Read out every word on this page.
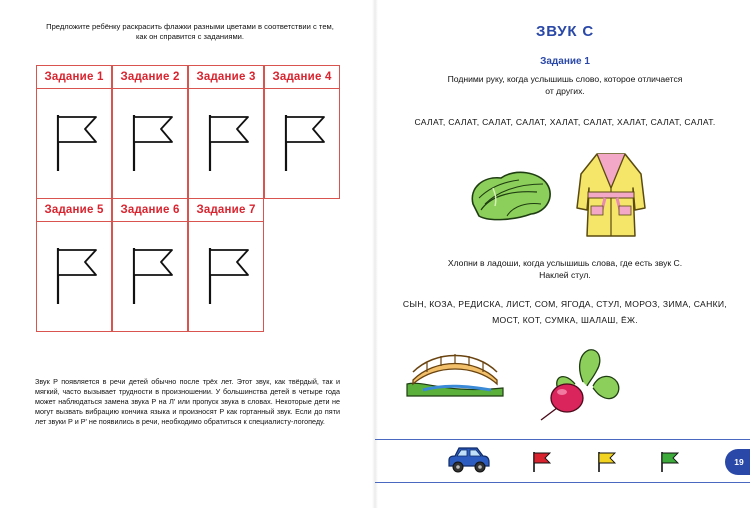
Предложите ребёнку раскрасить флажки разными цветами в соответствии с тем, как он справится с заданиями.
Задание 1	Задание 2	Задание 3	Задание 4
Задание 5	Задание 6	Задание 7
Звук Р появляется в речи детей обычно после трёх лет. Этот звук, как твёрдый, так и мягкий, часто вызывает трудности в произношении. У большинства детей в четыре года может наблюдаться замена звука Р на Л' или пропуск звука в словах. Некоторые дети не могут вызвать вибрацию кончика языка и произносят Р как гортанный звук. Если до пяти лет звуки Р и Р' не появились в речи, необходимо обратиться к специалисту-логопеду.
ЗВУК С
Задание 1
Подними руку, когда услышишь слово, которое отличается от других.
САЛАТ, САЛАТ, САЛАТ, САЛАТ, ХАЛАТ, САЛАТ, ХАЛАТ, САЛАТ, САЛАТ.
Хлопни в ладоши, когда услышишь слова, где есть звук С. Наклей стул.
СЫН, КОЗА, РЕДИСКА, ЛИСТ, СОМ, ЯГОДА, СТУЛ, МОРОЗ, ЗИМА, САНКИ, МОСТ, КОТ, СУМКА, ШАЛАШ, ЁЖ.
19
